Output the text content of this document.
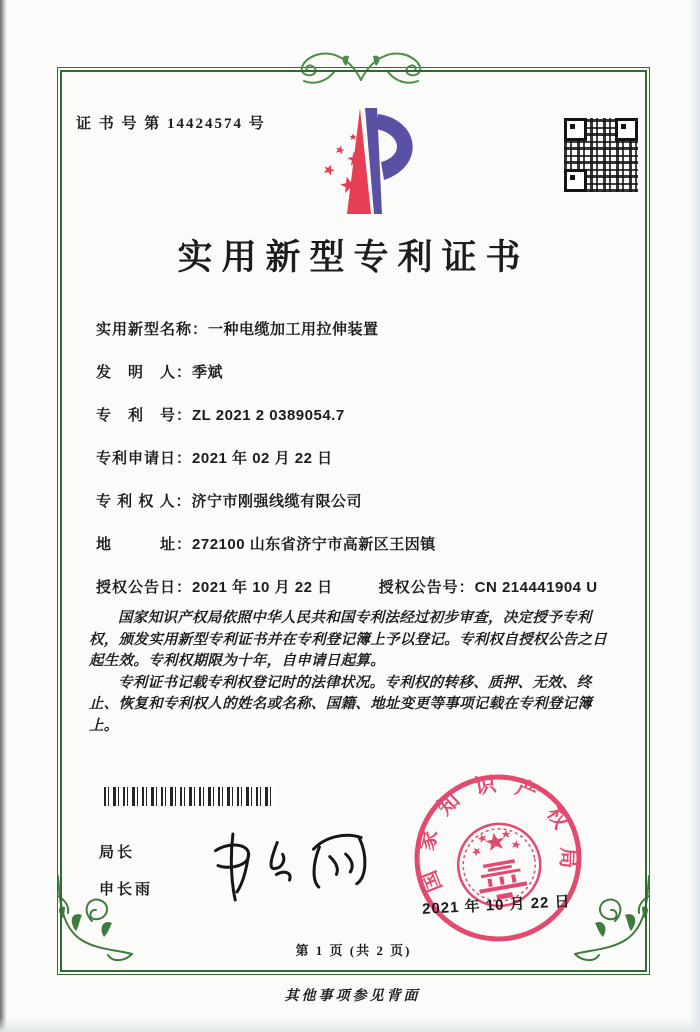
证 书 号 第 14424574 号
实用新型专利证书
实用新型名称：一种电缆加工用拉伸装置
发　明　人：季斌
专　利　号：ZL 2021 2 0389054.7
专利申请日：2021 年 02 月 22 日
专 利 权 人：济宁市刚强线缆有限公司
地　　　址：272100 山东省济宁市高新区王因镇
授权公告日：2021 年 10 月 22 日	授权公告号：CN 214441904 U

国家知识产权局依照中华人民共和国专利法经过初步审查，决定授予专利权，颁发实用新型专利证书并在专利登记簿上予以登记。专利权自授权公告之日起生效。专利权期限为十年，自申请日起算。

专利证书记载专利权登记时的法律状况。专利权的转移、质押、无效、终止、恢复和专利权人的姓名或名称、国籍、地址变更等事项记载在专利登记簿上。

局长
申长雨	国家知识产权局
2021 年 10 月 22 日
第 1 页 (共 2 页)
其他事项参见背面
